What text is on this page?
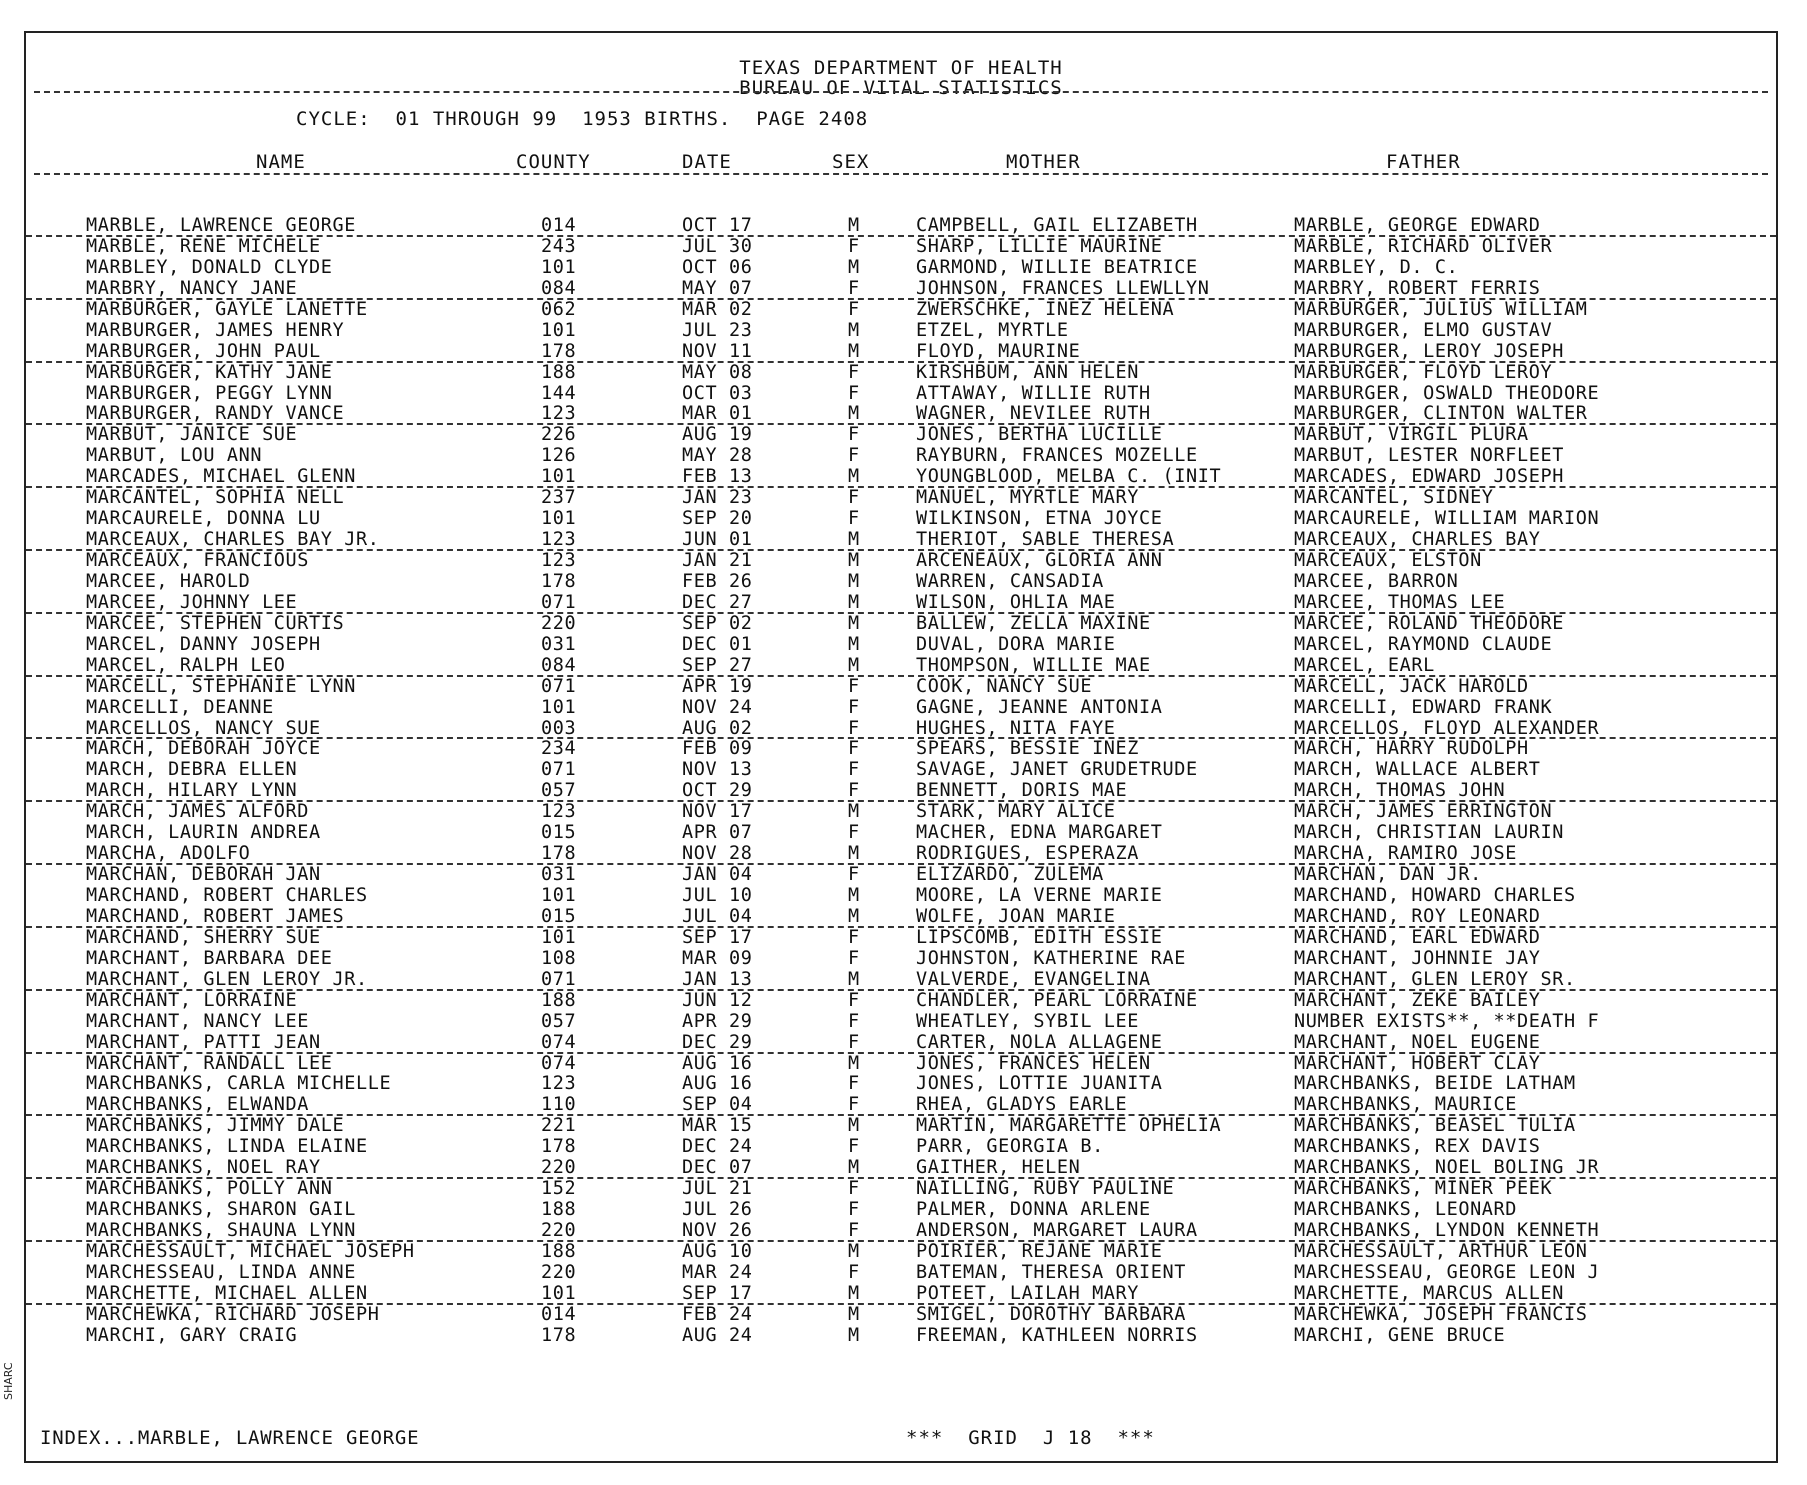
TEXAS DEPARTMENT OF HEALTH
BUREAU OF VITAL STATISTICS
CYCLE:  01 THROUGH 99  1953 BIRTHS.  PAGE 2408
NAME	COUNTY	DATE	SEX	MOTHER	FATHER
MARBLE, LAWRENCE GEORGE	014	OCT 17	M	CAMPBELL, GAIL ELIZABETH	MARBLE, GEORGE EDWARD
MARBLE, RENE MICHELE	243	JUL 30	F	SHARP, LILLIE MAURINE	MARBLE, RICHARD OLIVER
MARBLEY, DONALD CLYDE	101	OCT 06	M	GARMOND, WILLIE BEATRICE	MARBLEY, D. C.
MARBRY, NANCY JANE	084	MAY 07	F	JOHNSON, FRANCES LLEWLLYN	MARBRY, ROBERT FERRIS
MARBURGER, GAYLE LANETTE	062	MAR 02	F	ZWERSCHKE, INEZ HELENA	MARBURGER, JULIUS WILLIAM
MARBURGER, JAMES HENRY	101	JUL 23	M	ETZEL, MYRTLE	MARBURGER, ELMO GUSTAV
MARBURGER, JOHN PAUL	178	NOV 11	M	FLOYD, MAURINE	MARBURGER, LEROY JOSEPH
MARBURGER, KATHY JANE	188	MAY 08	F	KIRSHBUM, ANN HELEN	MARBURGER, FLOYD LEROY
MARBURGER, PEGGY LYNN	144	OCT 03	F	ATTAWAY, WILLIE RUTH	MARBURGER, OSWALD THEODORE
MARBURGER, RANDY VANCE	123	MAR 01	M	WAGNER, NEVILEE RUTH	MARBURGER, CLINTON WALTER
MARBUT, JANICE SUE	226	AUG 19	F	JONES, BERTHA LUCILLE	MARBUT, VIRGIL PLURA
MARBUT, LOU ANN	126	MAY 28	F	RAYBURN, FRANCES MOZELLE	MARBUT, LESTER NORFLEET
MARCADES, MICHAEL GLENN	101	FEB 13	M	YOUNGBLOOD, MELBA C. (INIT	MARCADES, EDWARD JOSEPH
MARCANTEL, SOPHIA NELL	237	JAN 23	F	MANUEL, MYRTLE MARY	MARCANTEL, SIDNEY
MARCAURELE, DONNA LU	101	SEP 20	F	WILKINSON, ETNA JOYCE	MARCAURELE, WILLIAM MARION
MARCEAUX, CHARLES BAY JR.	123	JUN 01	M	THERIOT, SABLE THERESA	MARCEAUX, CHARLES BAY
MARCEAUX, FRANCIOUS	123	JAN 21	M	ARCENEAUX, GLORIA ANN	MARCEAUX, ELSTON
MARCEE, HAROLD	178	FEB 26	M	WARREN, CANSADIA	MARCEE, BARRON
MARCEE, JOHNNY LEE	071	DEC 27	M	WILSON, OHLIA MAE	MARCEE, THOMAS LEE
MARCEE, STEPHEN CURTIS	220	SEP 02	M	BALLEW, ZELLA MAXINE	MARCEE, ROLAND THEODORE
MARCEL, DANNY JOSEPH	031	DEC 01	M	DUVAL, DORA MARIE	MARCEL, RAYMOND CLAUDE
MARCEL, RALPH LEO	084	SEP 27	M	THOMPSON, WILLIE MAE	MARCEL, EARL
MARCELL, STEPHANIE LYNN	071	APR 19	F	COOK, NANCY SUE	MARCELL, JACK HAROLD
MARCELLI, DEANNE	101	NOV 24	F	GAGNE, JEANNE ANTONIA	MARCELLI, EDWARD FRANK
MARCELLOS, NANCY SUE	003	AUG 02	F	HUGHES, NITA FAYE	MARCELLOS, FLOYD ALEXANDER
MARCH, DEBORAH JOYCE	234	FEB 09	F	SPEARS, BESSIE INEZ	MARCH, HARRY RUDOLPH
MARCH, DEBRA ELLEN	071	NOV 13	F	SAVAGE, JANET GRUDETRUDE	MARCH, WALLACE ALBERT
MARCH, HILARY LYNN	057	OCT 29	F	BENNETT, DORIS MAE	MARCH, THOMAS JOHN
MARCH, JAMES ALFORD	123	NOV 17	M	STARK, MARY ALICE	MARCH, JAMES ERRINGTON
MARCH, LAURIN ANDREA	015	APR 07	F	MACHER, EDNA MARGARET	MARCH, CHRISTIAN LAURIN
MARCHA, ADOLFO	178	NOV 28	M	RODRIGUES, ESPERAZA	MARCHA, RAMIRO JOSE
MARCHAN, DEBORAH JAN	031	JAN 04	F	ELIZARDO, ZULEMA	MARCHAN, DAN JR.
MARCHAND, ROBERT CHARLES	101	JUL 10	M	MOORE, LA VERNE MARIE	MARCHAND, HOWARD CHARLES
MARCHAND, ROBERT JAMES	015	JUL 04	M	WOLFE, JOAN MARIE	MARCHAND, ROY LEONARD
MARCHAND, SHERRY SUE	101	SEP 17	F	LIPSCOMB, EDITH ESSIE	MARCHAND, EARL EDWARD
MARCHANT, BARBARA DEE	108	MAR 09	F	JOHNSTON, KATHERINE RAE	MARCHANT, JOHNNIE JAY
MARCHANT, GLEN LEROY JR.	071	JAN 13	M	VALVERDE, EVANGELINA	MARCHANT, GLEN LEROY SR.
MARCHANT, LORRAINE	188	JUN 12	F	CHANDLER, PEARL LORRAINE	MARCHANT, ZEKE BAILEY
MARCHANT, NANCY LEE	057	APR 29	F	WHEATLEY, SYBIL LEE	NUMBER EXISTS**, **DEATH F
MARCHANT, PATTI JEAN	074	DEC 29	F	CARTER, NOLA ALLAGENE	MARCHANT, NOEL EUGENE
MARCHANT, RANDALL LEE	074	AUG 16	M	JONES, FRANCES HELEN	MARCHANT, HOBERT CLAY
MARCHBANKS, CARLA MICHELLE	123	AUG 16	F	JONES, LOTTIE JUANITA	MARCHBANKS, BEIDE LATHAM
MARCHBANKS, ELWANDA	110	SEP 04	F	RHEA, GLADYS EARLE	MARCHBANKS, MAURICE
MARCHBANKS, JIMMY DALE	221	MAR 15	M	MARTIN, MARGARETTE OPHELIA	MARCHBANKS, BEASEL TULIA
MARCHBANKS, LINDA ELAINE	178	DEC 24	F	PARR, GEORGIA B.	MARCHBANKS, REX DAVIS
MARCHBANKS, NOEL RAY	220	DEC 07	M	GAITHER, HELEN	MARCHBANKS, NOEL BOLING JR
MARCHBANKS, POLLY ANN	152	JUL 21	F	NAILLING, RUBY PAULINE	MARCHBANKS, MINER PEEK
MARCHBANKS, SHARON GAIL	188	JUL 26	F	PALMER, DONNA ARLENE	MARCHBANKS, LEONARD
MARCHBANKS, SHAUNA LYNN	220	NOV 26	F	ANDERSON, MARGARET LAURA	MARCHBANKS, LYNDON KENNETH
MARCHESSAULT, MICHAEL JOSEPH	188	AUG 10	M	POIRIER, REJANE MARIE	MARCHESSAULT, ARTHUR LEON
MARCHESSEAU, LINDA ANNE	220	MAR 24	F	BATEMAN, THERESA ORIENT	MARCHESSEAU, GEORGE LEON J
MARCHETTE, MICHAEL ALLEN	101	SEP 17	M	POTEET, LAILAH MARY	MARCHETTE, MARCUS ALLEN
MARCHEWKA, RICHARD JOSEPH	014	FEB 24	M	SMIGEL, DOROTHY BARBARA	MARCHEWKA, JOSEPH FRANCIS
MARCHI, GARY CRAIG	178	AUG 24	M	FREEMAN, KATHLEEN NORRIS	MARCHI, GENE BRUCE
INDEX...MARBLE, LAWRENCE GEORGE	***  GRID  J 18  ***
SHARC
